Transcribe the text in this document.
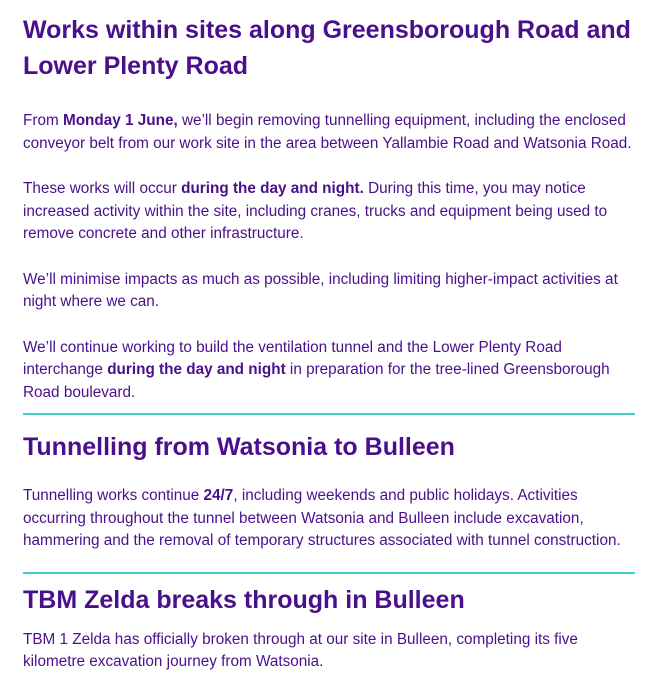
Works within sites along Greensborough Road and Lower Plenty Road

From Monday 1 June, we’ll begin removing tunnelling equipment, including the enclosed conveyor belt from our work site in the area between Yallambie Road and Watsonia Road.

These works will occur during the day and night. During this time, you may notice increased activity within the site, including cranes, trucks and equipment being used to remove concrete and other infrastructure.

We’ll minimise impacts as much as possible, including limiting higher-impact activities at night where we can.

We’ll continue working to build the ventilation tunnel and the Lower Plenty Road interchange during the day and night in preparation for the tree-lined Greensborough Road boulevard.

Tunnelling from Watsonia to Bulleen

Tunnelling works continue 24/7, including weekends and public holidays. Activities occurring throughout the tunnel between Watsonia and Bulleen include excavation, hammering and the removal of temporary structures associated with tunnel construction.

TBM Zelda breaks through in Bulleen

TBM 1 Zelda has officially broken through at our site in Bulleen, completing its five kilometre excavation journey from Watsonia.
